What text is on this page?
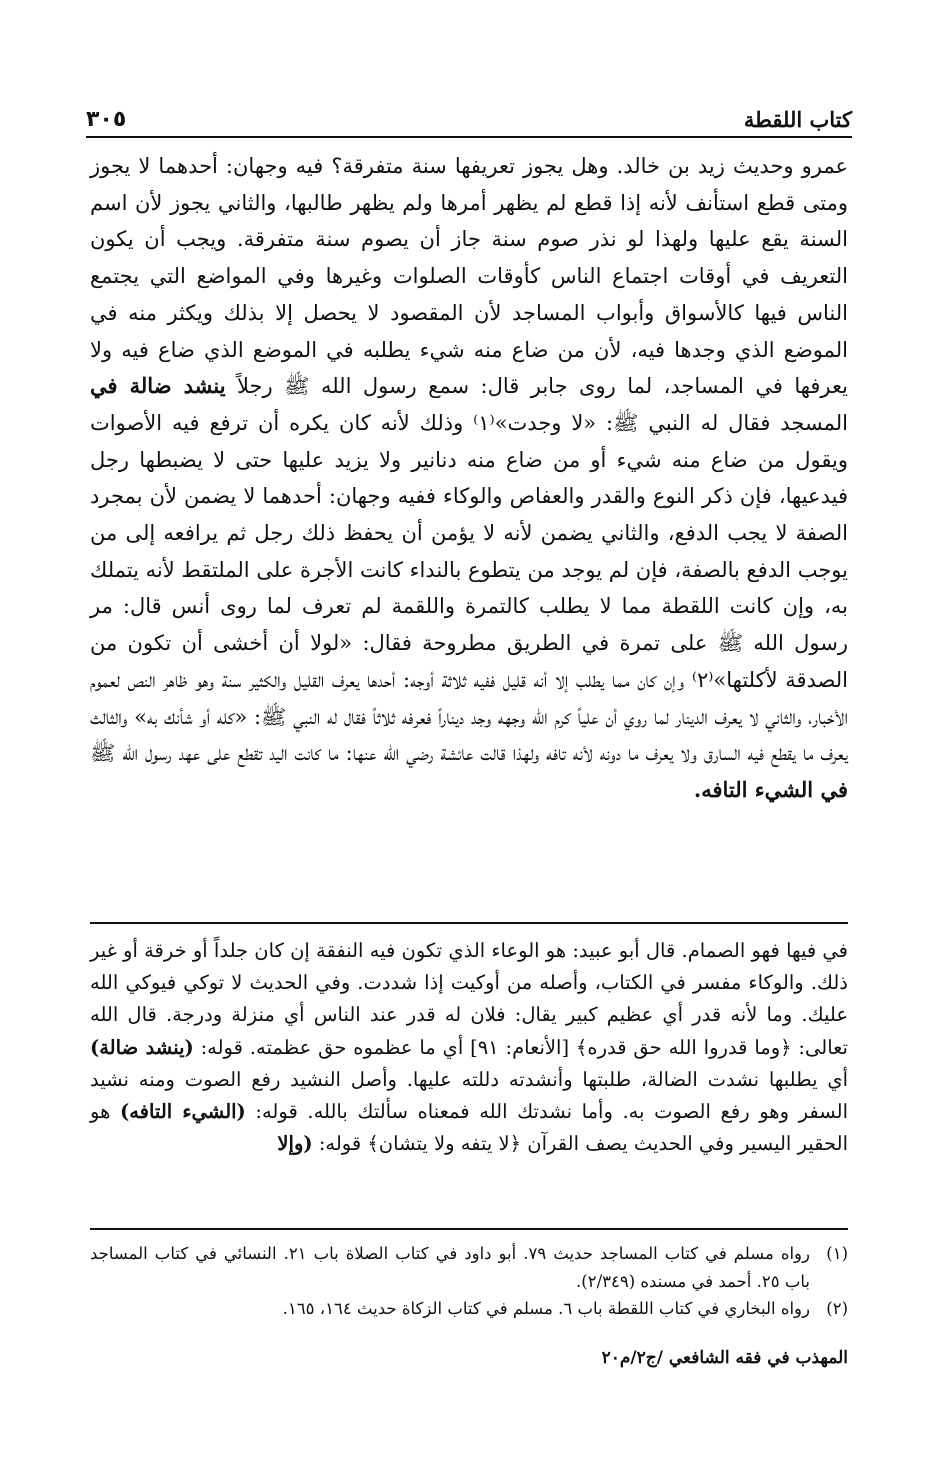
كتاب اللقطة
٣٠٥

عمرو وحديث زيد بن خالد. وهل يجوز تعريفها سنة متفرقة؟ فيه وجهان: أحدهما لا يجوز ومتى قطع استأنف لأنه إذا قطع لم يظهر أمرها ولم يظهر طالبها، والثاني يجوز لأن اسم السنة يقع عليها ولهذا لو نذر صوم سنة جاز أن يصوم سنة متفرقة. ويجب أن يكون التعريف في أوقات اجتماع الناس كأوقات الصلوات وغيرها وفي المواضع التي يجتمع الناس فيها كالأسواق وأبواب المساجد لأن المقصود لا يحصل إلا بذلك ويكثر منه في الموضع الذي وجدها فيه، لأن من ضاع منه شيء يطلبه في الموضع الذي ضاع فيه ولا يعرفها في المساجد، لما روى جابر قال: سمع رسول الله ﷺ رجلاً ينشد ضالة في المسجد فقال له النبي ﷺ: «لا وجدت»⁽١⁾ وذلك لأنه كان يكره أن ترفع فيه الأصوات ويقول من ضاع منه شيء أو من ضاع منه دنانير ولا يزيد عليها حتى لا يضبطها رجل فيدعيها، فإن ذكر النوع والقدر والعفاص والوكاء ففيه وجهان: أحدهما لا يضمن لأن بمجرد الصفة لا يجب الدفع، والثاني يضمن لأنه لا يؤمن أن يحفظ ذلك رجل ثم يرافعه إلى من يوجب الدفع بالصفة، فإن لم يوجد من يتطوع بالنداء كانت الأجرة على الملتقط لأنه يتملك به، وإن كانت اللقطة مما لا يطلب كالتمرة واللقمة لم تعرف لما روى أنس قال: مر رسول الله ﷺ على تمرة في الطريق مطروحة فقال: «لولا أن أخشى أن تكون من الصدقة لأكلتها»⁽٢⁾ وإن كان مما يطلب إلا أنه قليل ففيه ثلاثة أوجه: أحدها يعرف القليل والكثير سنة وهو ظاهر النص لعموم الأخبار، والثاني لا يعرف الدينار لما روي أن علياً كرم الله وجهه وجد ديناراً فعرفه ثلاثاً فقال له النبي ﷺ: «كله أو شأنك به» والثالث يعرف ما يقطع فيه السارق ولا يعرف ما دونه لأنه تافه ولهذا قالت عائشة رضي الله عنها: ما كانت اليد تقطع على عهد رسول الله ﷺ في الشيء التافه.

في فيها فهو الصمام. قال أبو عبيد: هو الوعاء الذي تكون فيه النفقة إن كان جلداً أو خرقة أو غير ذلك. والوكاء مفسر في الكتاب، وأصله من أوكيت إذا شددت. وفي الحديث لا توكي فيوكي الله عليك. وما لأنه قدر أي عظيم كبير يقال: فلان له قدر عند الناس أي منزلة ودرجة. قال الله تعالى: ﴿وما قدروا الله حق قدره﴾ [الأنعام: ٩١] أي ما عظموه حق عظمته. قوله: (ينشد ضالة) أي يطلبها نشدت الضالة، طلبتها وأنشدته دللته عليها. وأصل النشيد رفع الصوت ومنه نشيد السفر وهو رفع الصوت به. وأما نشدتك الله فمعناه سألتك بالله. قوله: (الشيء التافه) هو الحقير اليسير وفي الحديث يصف القرآن ﴿لا يتفه ولا يتشان﴾ قوله: (وإلا

(١)
رواه مسلم في كتاب المساجد حديث ٧٩. أبو داود في كتاب الصلاة باب ٢١. النسائي في كتاب المساجد باب ٢٥. أحمد في مسنده (٢/٣٤٩).
(٢)
رواه البخاري في كتاب اللقطة باب ٦. مسلم في كتاب الزكاة حديث ١٦٤، ١٦٥.
المهذب في فقه الشافعي /ج٢/م٢٠
